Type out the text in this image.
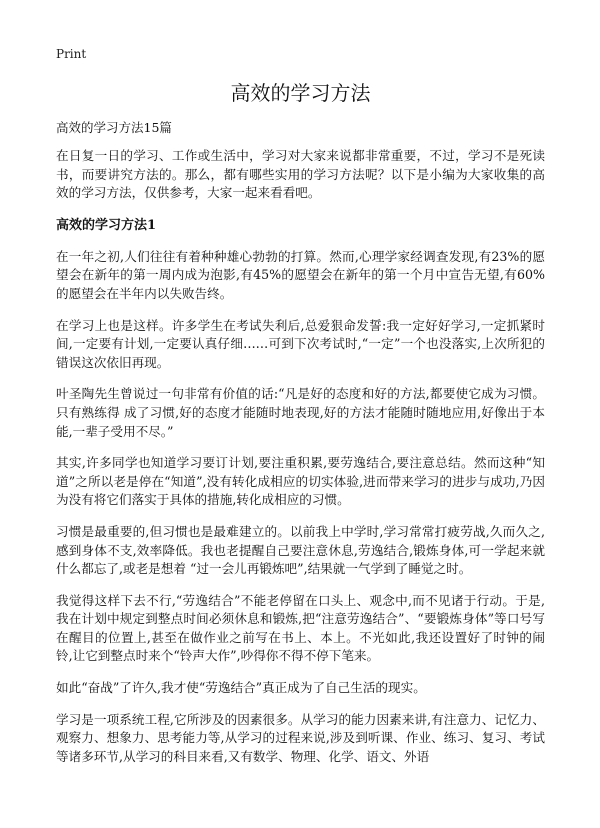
Print
高效的学习方法

高效的学习方法15篇

在日复一日的学习、工作或生活中，学习对大家来说都非常重要，不过，学习不是死读书，而要讲究方法的。那么，都有哪些实用的学习方法呢？以下是小编为大家收集的高效的学习方法，仅供参考，大家一起来看看吧。

高效的学习方法1

在一年之初,人们往往有着种种雄心勃勃的打算。然而,心理学家经调查发现,有23%的愿望会在新年的第一周内成为泡影,有45%的愿望会在新年的第一个月中宣告无望,有60%的愿望会在半年内以失败告终。

在学习上也是这样。许多学生在考试失利后,总爱狠命发誓:我一定好好学习,一定抓紧时间,一定要有计划,一定要认真仔细……可到下次考试时,“一定”一个也没落实,上次所犯的错误这次依旧再现。

叶圣陶先生曾说过一句非常有价值的话:“凡是好的态度和好的方法,都要使它成为习惯。只有熟练得 成了习惯,好的态度才能随时地表现,好的方法才能随时随地应用,好像出于本能,一辈子受用不尽。”

其实,许多同学也知道学习要订计划,要注重积累,要劳逸结合,要注意总结。然而这种“知道”之所以老是停在“知道”,没有转化成相应的切实体验,进而带来学习的进步与成功,乃因为没有将它们落实于具体的措施,转化成相应的习惯。

习惯是最重要的,但习惯也是最难建立的。以前我上中学时,学习常常打疲劳战,久而久之,感到身体不支,效率降低。我也老提醒自己要注意休息,劳逸结合,锻炼身体,可一学起来就什么都忘了,或老是想着 “过一会儿再锻炼吧”,结果就一气学到了睡觉之时。

我觉得这样下去不行,“劳逸结合”不能老停留在口头上、观念中,而不见诸于行动。于是,我在计划中规定到整点时间必须休息和锻炼,把“注意劳逸结合”、“要锻炼身体”等口号写在醒目的位置上,甚至在做作业之前写在书上、本上。不光如此,我还设置好了时钟的闹铃,让它到整点时来个“铃声大作”,吵得你不得不停下笔来。

如此“奋战”了许久,我才使“劳逸结合”真正成为了自己生活的现实。

学习是一项系统工程,它所涉及的因素很多。从学习的能力因素来讲,有注意力、记忆力、观察力、想象力、思考能力等,从学习的过程来说,涉及到听课、作业、练习、复习、考试等诸多环节,从学习的科目来看,又有数学、物理、化学、语文、外语
